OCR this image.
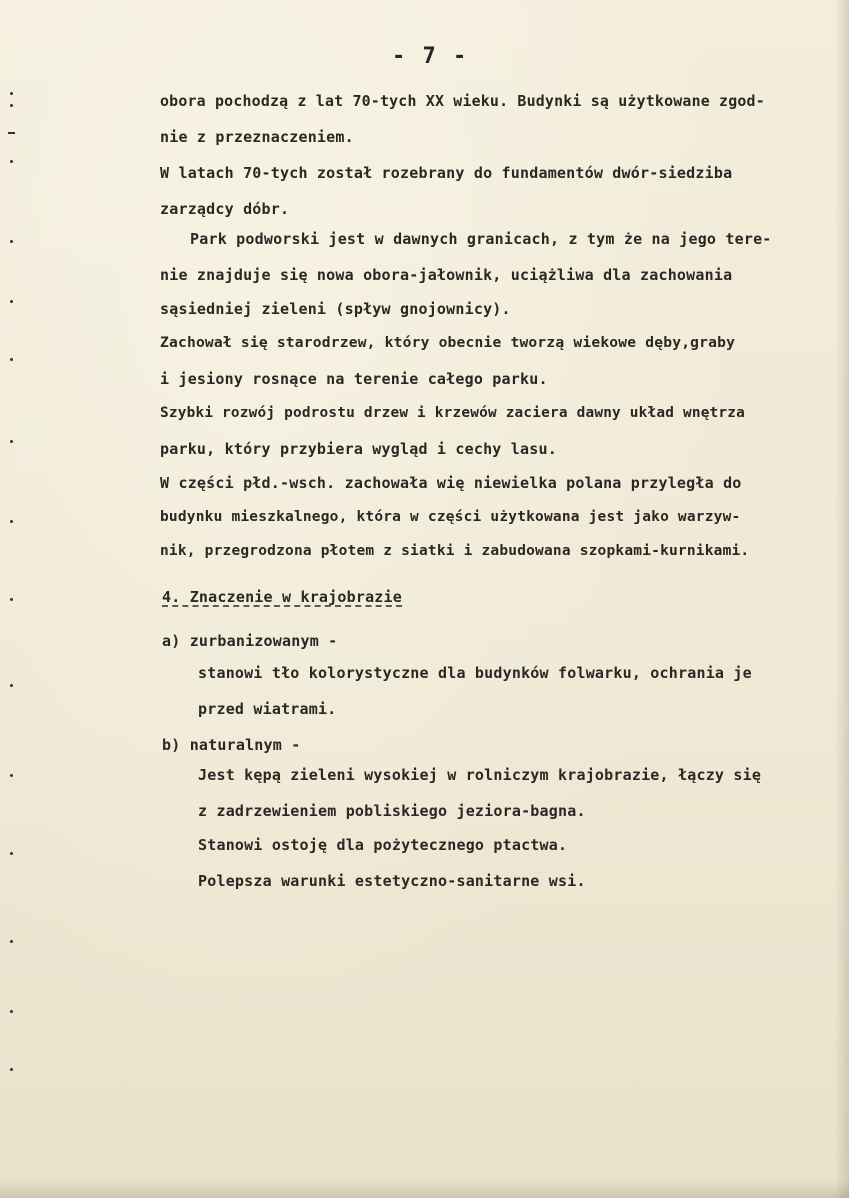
- 7 -
obora pochodzą z lat 70-tych XX wieku. Budynki są użytkowane zgod-
nie z przeznaczeniem.
W latach 70-tych został rozebrany do fundamentów dwór-siedziba
zarządcy dóbr.
Park podworski jest w dawnych granicach, z tym że na jego tere-
nie znajduje się nowa obora-jałownik, uciążliwa dla zachowania
sąsiedniej zieleni (spływ gnojownicy).
Zachował się starodrzew, który obecnie tworzą wiekowe dęby,graby
i jesiony rosnące na terenie całego parku.
Szybki rozwój podrostu drzew i krzewów zaciera dawny układ wnętrza
parku, który przybiera wygląd i cechy lasu.
W części płd.-wsch. zachowała wię niewielka polana przyległa do
budynku mieszkalnego, która w części użytkowana jest jako warzyw-
nik, przegrodzona płotem z siatki i zabudowana szopkami-kurnikami.
4. Znaczenie w krajobrazie
a) zurbanizowanym -
stanowi tło kolorystyczne dla budynków folwarku, ochrania je
przed wiatrami.
b) naturalnym -
Jest kępą zieleni wysokiej w rolniczym krajobrazie, łączy się
z zadrzewieniem pobliskiego jeziora-bagna.
Stanowi ostoję dla pożytecznego ptactwa.
Polepsza warunki estetyczno-sanitarne wsi.
